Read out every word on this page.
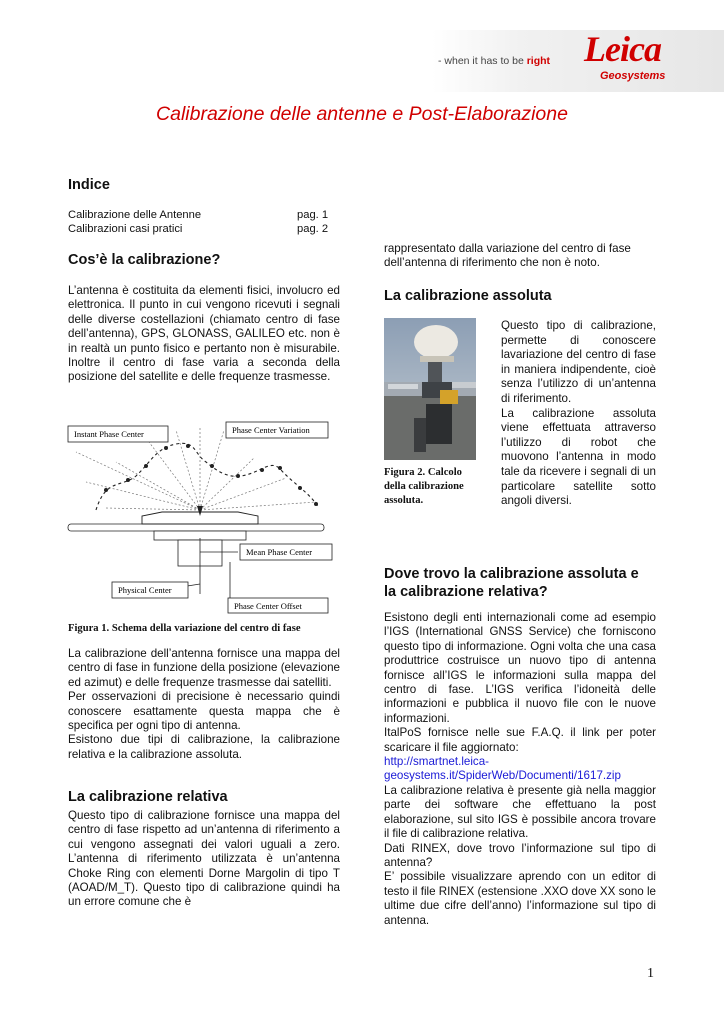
- when it has to be right Leica
Geosystems
Calibrazione delle antenne e Post-Elaborazione
Indice
Calibrazione delle Antenne	pag. 1
Calibrazioni casi pratici	pag. 2
Cos’è la calibrazione?
L’antenna è costituita da elementi fisici, involucro ed elettronica. Il punto in cui vengono ricevuti i segnali delle diverse costellazioni (chiamato centro di fase dell’antenna), GPS, GLONASS, GALILEO etc. non è in realtà un punto fisico e pertanto non è misurabile. Inoltre il centro di fase varia a seconda della posizione del satellite e delle frequenze trasmesse.
Instant Phase Center	Phase Center Variation
Mean Phase Center
Physical Center
Phase Center Offset
Figura 1. Schema della variazione del centro di fase
La calibrazione dell’antenna fornisce una mappa del centro di fase in funzione della posizione (elevazione ed azimut) e delle frequenze trasmesse dai satelliti.
Per osservazioni di precisione è necessario quindi conoscere esattamente questa mappa che è specifica per ogni tipo di antenna.
Esistono due tipi di calibrazione, la calibrazione relativa e la calibrazione assoluta.
La calibrazione relativa
Questo tipo di calibrazione fornisce una mappa del centro di fase rispetto ad un’antenna di riferimento a cui vengono assegnati dei valori uguali a zero. L’antenna di riferimento utilizzata è un’antenna Choke Ring con elementi Dorne Margolin di tipo T (AOAD/M_T). Questo tipo di calibrazione quindi ha un errore comune che è
rappresentato dalla variazione del centro di fase dell’antenna di riferimento che non è noto.
La calibrazione assoluta
Figura 2. Calcolo della calibrazione assoluta.
Questo tipo di calibrazione, permette di conoscere lavariazione del centro di fase in maniera indipendente, cioè senza l’utilizzo di un’antenna di riferimento.
La calibrazione assoluta viene effettuata attraverso l’utilizzo di robot che muovono l’antenna in modo tale da ricevere i segnali di un particolare satellite sotto angoli diversi.
Dove trovo la calibrazione assoluta e
la calibrazione relativa?
Esistono degli enti internazionali come ad esempio l’IGS (International GNSS Service) che forniscono questo tipo di informazione. Ogni volta che una casa produttrice costruisce un nuovo tipo di antenna fornisce all’IGS le informazioni sulla mappa del centro di fase. L’IGS verifica l’idoneità delle informazioni e pubblica il nuovo file con le nuove informazioni.
ItalPoS fornisce nelle sue F.A.Q. il link per poter scaricare il file aggiornato:
http://smartnet.leica-
geosystems.it/SpiderWeb/Documenti/1617.zip
La calibrazione relativa è presente già nella maggior parte dei software che effettuano la post elaborazione, sul sito IGS è possibile ancora trovare il file di calibrazione relativa.
Dati RINEX, dove trovo l’informazione sul tipo di antenna?
E’ possibile visualizzare aprendo con un editor di testo il file RINEX (estensione .XXO dove XX sono le ultime due cifre dell’anno) l’informazione sul tipo di antenna.
1
